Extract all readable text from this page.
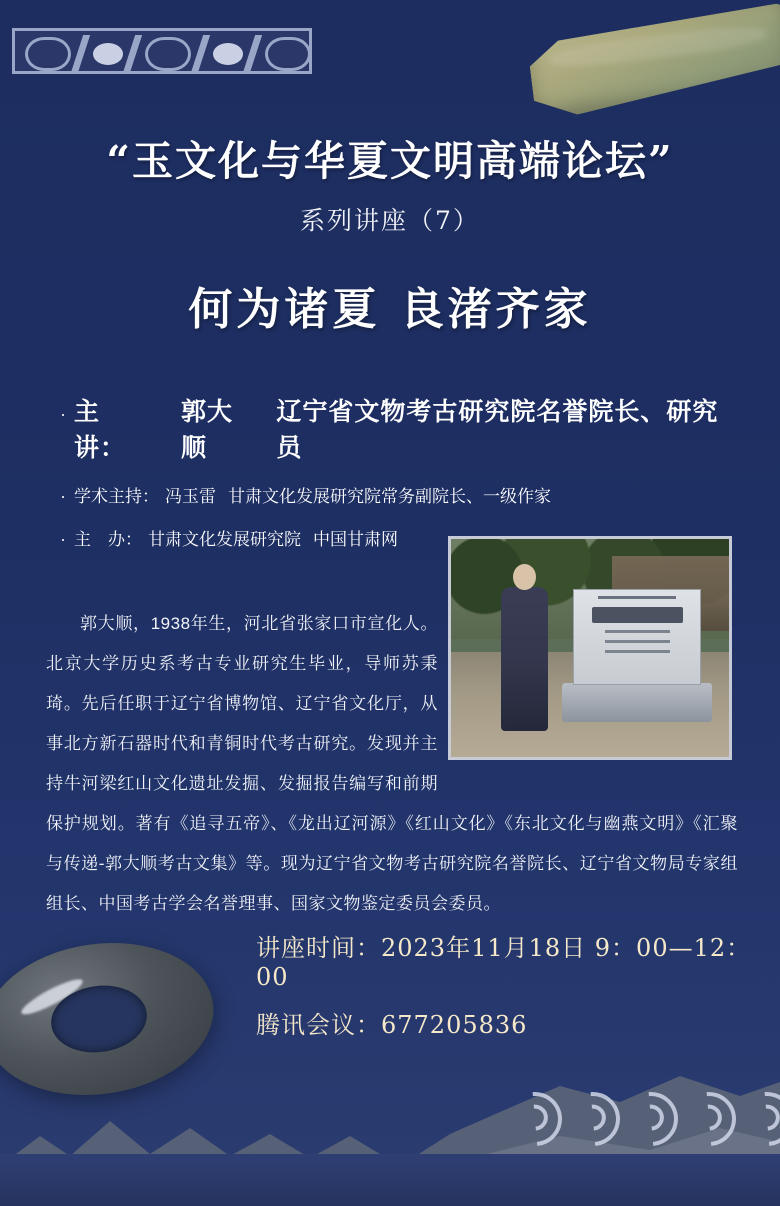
“玉文化与华夏文明高端论坛”
系列讲座（7）
何为诸夏 良渚齐家
· 主　讲：
郭大顺
辽宁省文物考古研究院名誉院长、研究员
· 学术主持： 冯玉雷 甘肃文化发展研究院常务副院长、一级作家
· 主　办： 甘肃文化发展研究院 中国甘肃网

郭大顺，1938年生，河北省张家口市宣化人。北京大学历史系考古专业研究生毕业，导师苏秉琦。先后任职于辽宁省博物馆、辽宁省文化厅，从事北方新石器时代和青铜时代考古研究。发现并主持牛河梁红山文化遗址发掘、发掘报告编写和前期保护规划。著有《追寻五帝》、《龙出辽河源》《红山文化》《东北文化与幽燕文明》《汇聚与传递-郭大顺考古文集》等。现为辽宁省文物考古研究院名誉院长、辽宁省文物局专家组组长、中国考古学会名誉理事、国家文物鉴定委员会委员。

讲座时间：2023年11月18日 9：00—12：00
腾讯会议：677205836
